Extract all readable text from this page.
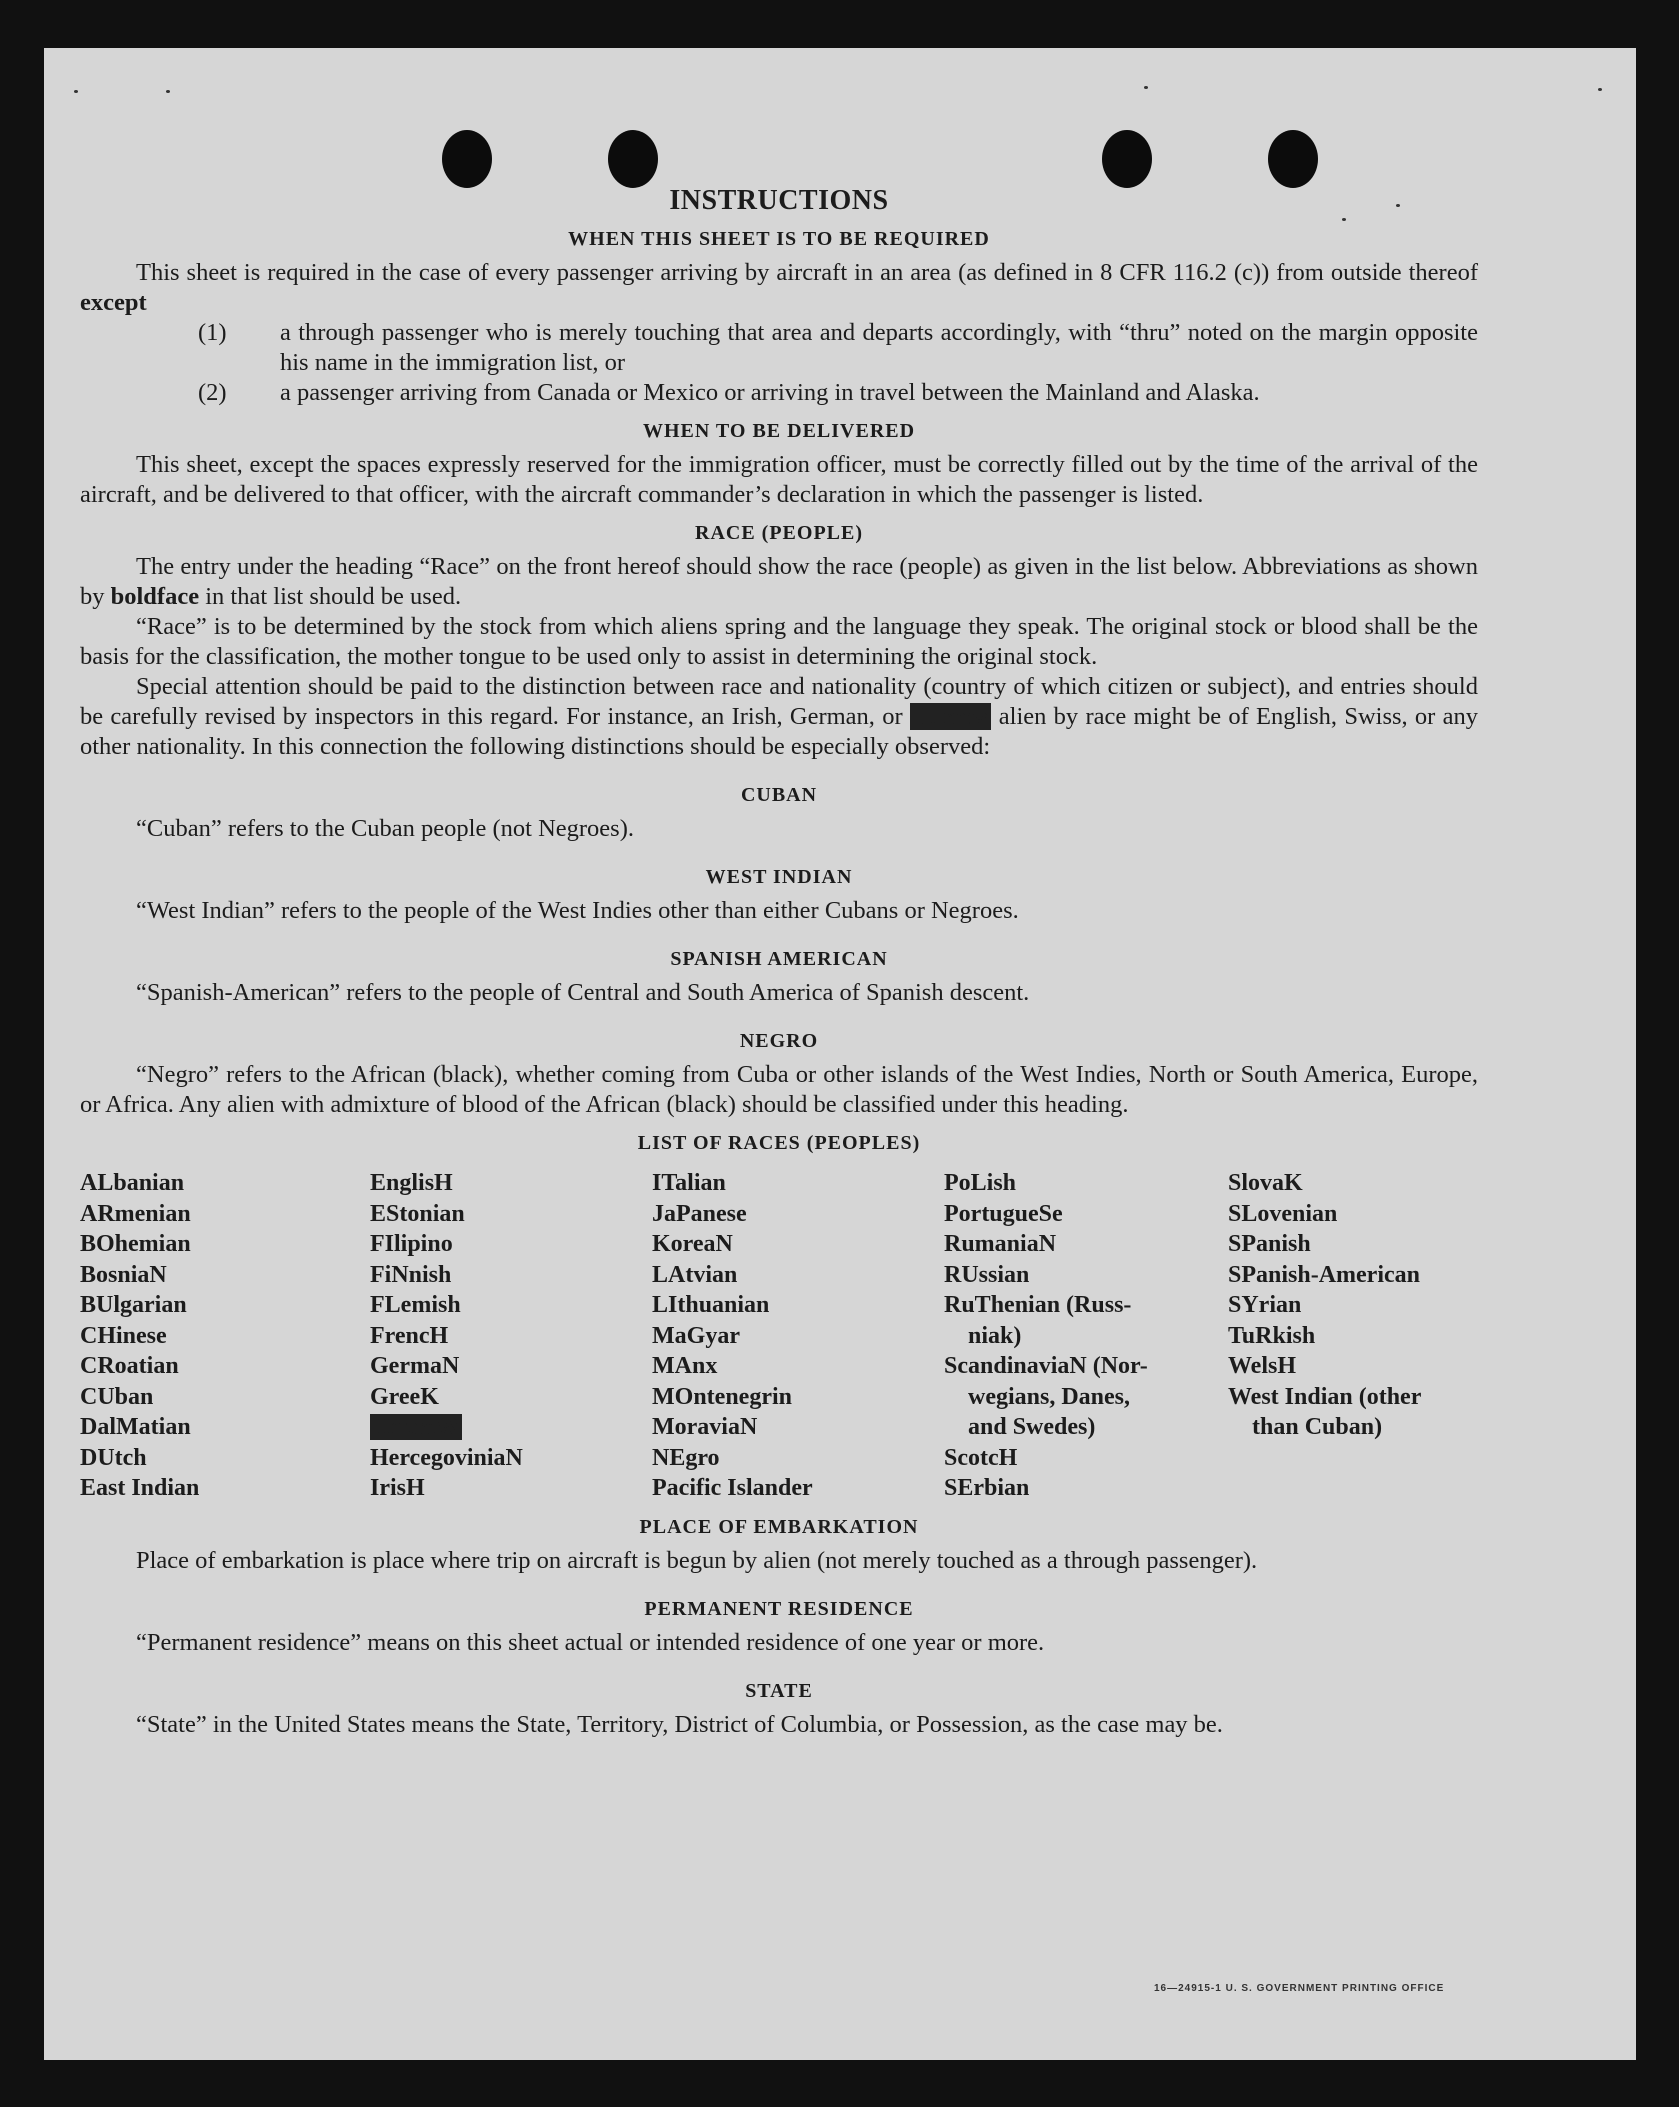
16—24915-1 U. S. GOVERNMENT PRINTING OFFICE
INSTRUCTIONS
WHEN THIS SHEET IS TO BE REQUIRED

This sheet is required in the case of every passenger arriving by aircraft in an area (as defined in 8 CFR 116.2 (c)) from outside thereof except

(1)	a through passenger who is merely touching that area and departs accordingly, with “thru” noted on the margin opposite his name in the immigration list, or
(2)	a passenger arriving from Canada or Mexico or arriving in travel between the Mainland and Alaska.
WHEN TO BE DELIVERED

This sheet, except the spaces expressly reserved for the immigration officer, must be correctly filled out by the time of the arrival of the aircraft, and be delivered to that officer, with the aircraft commander’s declaration in which the passenger is listed.

RACE (PEOPLE)

The entry under the heading “Race” on the front hereof should show the race (people) as given in the list below. Abbreviations as shown by boldface in that list should be used.

“Race” is to be determined by the stock from which aliens spring and the language they speak. The original stock or blood shall be the basis for the classification, the mother tongue to be used only to assist in determining the original stock.

Special attention should be paid to the distinction between race and nationality (country of which citizen or subject), and entries should be carefully revised by inspectors in this regard. For instance, an Irish, German, or Hebrew alien by race might be of English, Swiss, or any other nationality. In this connection the following distinctions should be especially observed:

CUBAN

“Cuban” refers to the Cuban people (not Negroes).

WEST INDIAN

“West Indian” refers to the people of the West Indies other than either Cubans or Negroes.

SPANISH AMERICAN

“Spanish-American” refers to the people of Central and South America of Spanish descent.

NEGRO

“Negro” refers to the African (black), whether coming from Cuba or other islands of the West Indies, North or South America, Europe, or Africa. Any alien with admixture of blood of the African (black) should be classified under this heading.

LIST OF RACES (PEOPLES)
ALbanian
ARmenian
BOhemian
BosniaN
BUlgarian
CHinese
CRoatian
CUban
DalMatian
DUtch
East Indian
EnglisH
EStonian
FIlipino
FiNnish
FLemish
FrencH
GermaN
GreeK
HebreW
HercegoviniaN
IrisH
ITalian
JaPanese
KoreaN
LAtvian
LIthuanian
MaGyar
MAnx
MOntenegrin
MoraviaN
NEgro
Pacific Islander
PoLish
PortugueSe
RumaniaN
RUssian
RuThenian (Russ-
niak)
ScandinaviaN (Nor-
wegians, Danes,
and Swedes)
ScotcH
SErbian
SlovaK
SLovenian
SPanish
SPanish-American
SYrian
TuRkish
WelsH
West Indian (other
than Cuban)
PLACE OF EMBARKATION

Place of embarkation is place where trip on aircraft is begun by alien (not merely touched as a through passenger).

PERMANENT RESIDENCE

“Permanent residence” means on this sheet actual or intended residence of one year or more.

STATE

“State” in the United States means the State, Territory, District of Columbia, or Possession, as the case may be.
